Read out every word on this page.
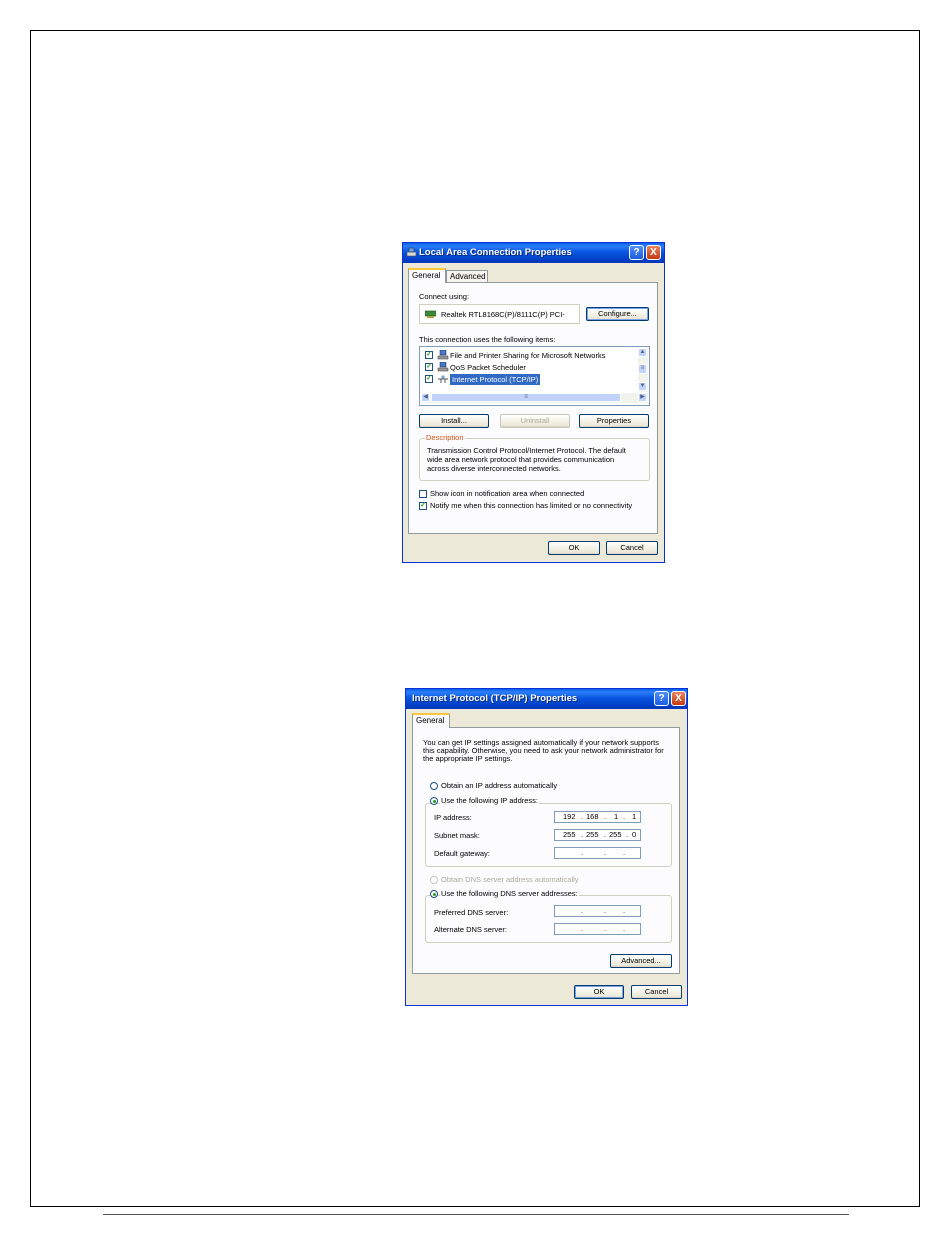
Local Area Connection Properties	?	X
General	Advanced
Connect using:
Realtek RTL8168C(P)/8111C(P) PCI-	Configure...
This connection uses the following items:
✓ File and Printer Sharing for Microsoft Networks
✓ QoS Packet Scheduler
✓	Internet Protocol (TCP/IP)
▲
≡
▼
◀	≡	▶
Install...	Uninstall	Properties
Description
Transmission Control Protocol/Internet Protocol. The default
wide area network protocol that provides communication
across diverse interconnected networks.
Show icon in notification area when connected
✓ Notify me when this connection has limited or no connectivity
OK	Cancel
Internet Protocol (TCP/IP) Properties	?	X
General
You can get IP settings assigned automatically if your network supports
this capability. Otherwise, you need to ask your network administrator for
the appropriate IP settings.
Obtain an IP address automatically
Use the following IP address:
IP address:	192 . 168 . 1 . 1
Subnet mask:	255 . 255 . 255 . 0
Default gateway:	.	. .
Obtain DNS server address automatically
Use the following DNS server addresses:
Preferred DNS server:	.	. .
Alternate DNS server:	.	. .
Advanced...
OK	Cancel
